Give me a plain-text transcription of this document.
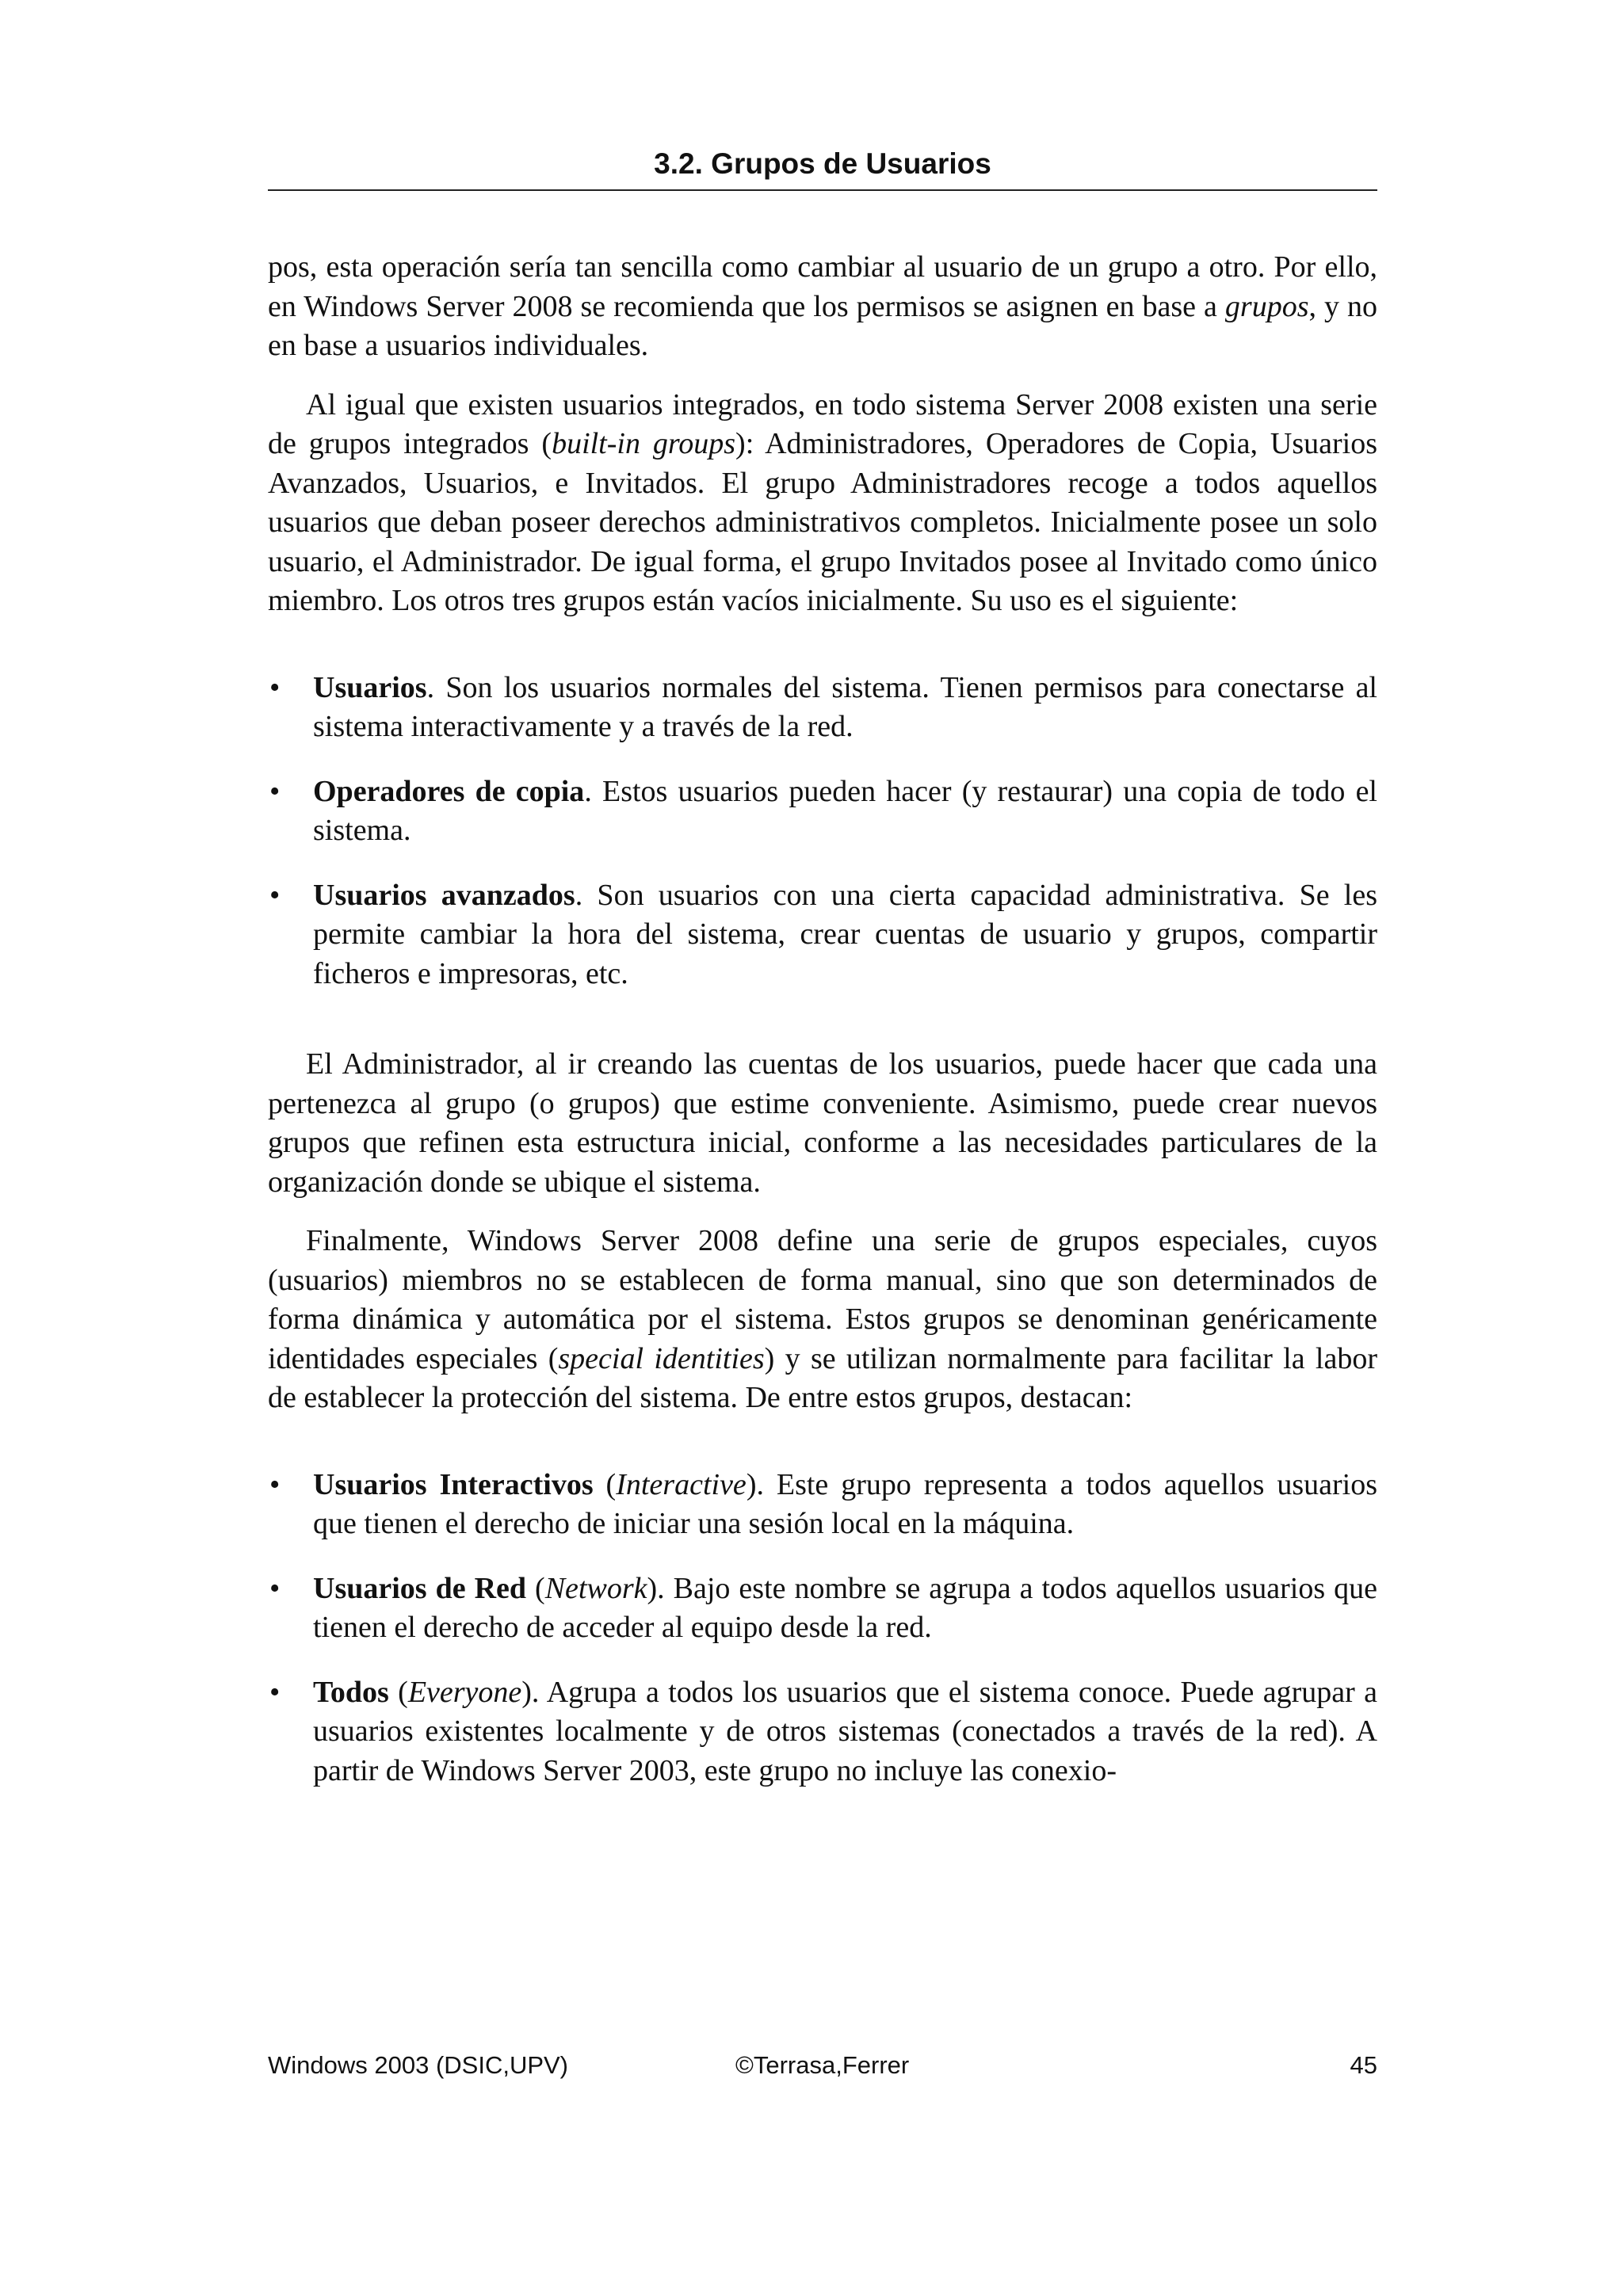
3.2. Grupos de Usuarios

pos, esta operación sería tan sencilla como cambiar al usuario de un grupo a otro. Por ello, en Windows Server 2008 se recomienda que los permisos se asignen en base a grupos, y no en base a usuarios individuales.

Al igual que existen usuarios integrados, en todo sistema Server 2008 existen una serie de grupos integrados (built-in groups): Administradores, Operadores de Copia, Usuarios Avanzados, Usuarios, e Invitados. El grupo Administradores recoge a todos aquellos usuarios que deban poseer derechos administrativos completos. Inicialmente posee un solo usuario, el Administrador. De igual forma, el grupo Invitados posee al Invitado como único miembro. Los otros tres grupos están vacíos inicialmente. Su uso es el siguiente:

• Usuarios. Son los usuarios normales del sistema. Tienen permisos para conectarse al sistema interactivamente y a través de la red.
• Operadores de copia. Estos usuarios pueden hacer (y restaurar) una copia de todo el sistema.
• Usuarios avanzados. Son usuarios con una cierta capacidad administrativa. Se les permite cambiar la hora del sistema, crear cuentas de usuario y grupos, compartir ficheros e impresoras, etc.

El Administrador, al ir creando las cuentas de los usuarios, puede hacer que cada una pertenezca al grupo (o grupos) que estime conveniente. Asimismo, puede crear nuevos grupos que refinen esta estructura inicial, conforme a las necesidades particulares de la organización donde se ubique el sistema.

Finalmente, Windows Server 2008 define una serie de grupos especiales, cuyos (usuarios) miembros no se establecen de forma manual, sino que son determinados de forma dinámica y automática por el sistema. Estos grupos se denominan genéricamente identidades especiales (special identities) y se utilizan normalmente para facilitar la labor de establecer la protección del sistema. De entre estos grupos, destacan:

• Usuarios Interactivos (Interactive). Este grupo representa a todos aquellos usuarios que tienen el derecho de iniciar una sesión local en la máquina.
• Usuarios de Red (Network). Bajo este nombre se agrupa a todos aquellos usuarios que tienen el derecho de acceder al equipo desde la red.
• Todos (Everyone). Agrupa a todos los usuarios que el sistema conoce. Puede agrupar a usuarios existentes localmente y de otros sistemas (conectados a través de la red). A partir de Windows Server 2003, este grupo no incluye las conexio-
Windows 2003 (DSIC,UPV)	©Terrasa,Ferrer	45
